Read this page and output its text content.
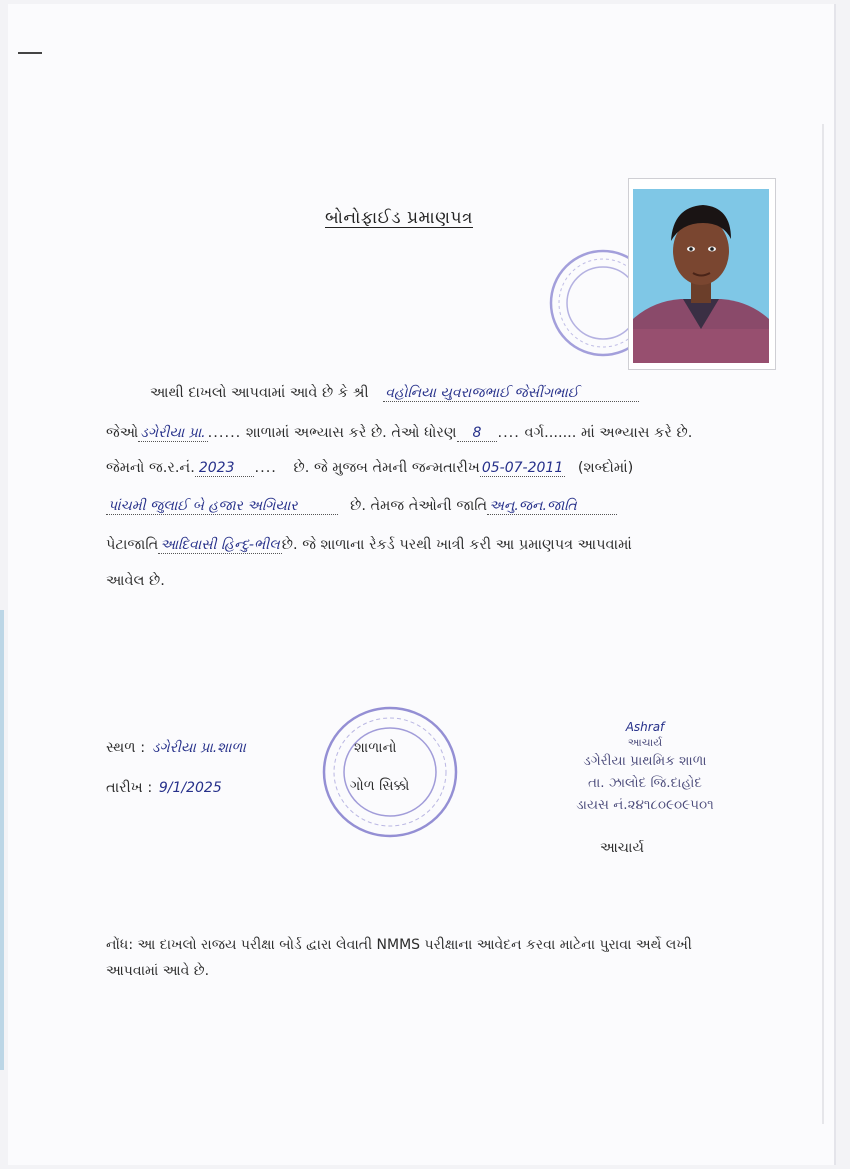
બોનોફાઈડ પ્રમાણપત્ર
આથી દાખલો આપવામાં આવે છે કે શ્રી વહોનિયા યુવરાજભાઈ જેસીંગભાઈ
જેઓ ડગેરીયા પ્રા. ...... શાળામાં અભ્યાસ કરે છે. તેઓ ધોરણ 8 .... વર્ગ....... માં અભ્યાસ કરે છે.
જેમનો જ.ર.નં. 2023 .... છે. જે મુજબ તેમની જન્મતારીખ 05-07-2011 (શબ્દોમાં)
પાંચમી જુલાઈ બે હજાર અગિયાર	છે. તેમજ તેઓની જાતિ અનુ.જન.જાતિ
પેટાજાતિ આદિવાસી હિન્દુ-ભીલ છે. જે શાળાના રેકર્ડ પરથી ખાત્રી કરી આ પ્રમાણપત્ર આપવામાં
આવેલ છે.
સ્થળ : ડગેરીયા પ્રા.શાળા
તારીખ : 9/1/2025
શાળાનો
ગોળ સિક્કો
Ashraf
આચાર્ય
ડગેરીયા પ્રાથમિક શાળા
તા. ઝાલોદ જિ.દાહોદ
ડાયસ નં.૨૪૧૮૦૯૦૯૫૦૧
આચાર્ય
નોંધ: આ દાખલો રાજય પરીક્ષા બોર્ડ દ્વારા લેવાતી NMMS પરીક્ષાના આવેદન કરવા માટેના પુરાવા અર્થે લખી આપવામાં આવે છે.
